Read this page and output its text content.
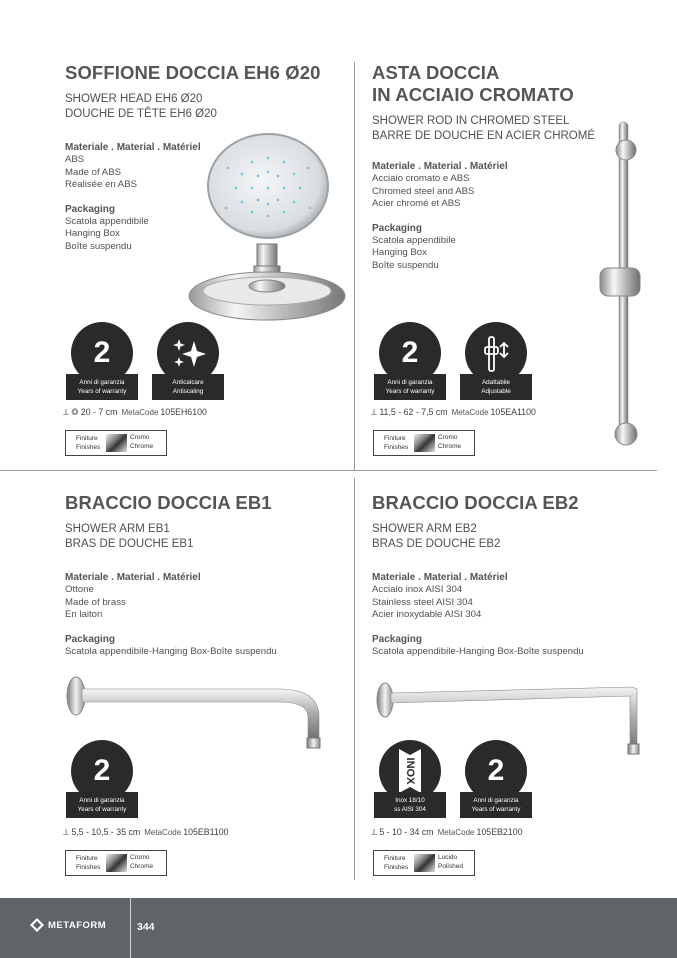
SOFFIONE DOCCIA EH6 Ø20
SHOWER HEAD EH6 Ø20
DOUCHE DE TÊTE EH6 Ø20
Materiale . Material . Matériel
ABS
Made of ABS
Réalisée en ABS
Packaging
Scatola appendibile
Hanging Box
Boîte suspendu
2
Anni di garanzia
Years of warranty
Anticalcare
Antiscaling
⟂ ◎ 20 - 7 cm MetaCode 105EH6100
Finiture
Finishes
Cromo
Chrome
ASTA DOCCIA
IN ACCIAIO CROMATO
SHOWER ROD IN CHROMED STEEL
BARRE DE DOUCHE EN ACIER CHROMÉ
Materiale . Material . Matériel
Acciaio cromato e ABS
Chromed steel and ABS
Acier chromé et ABS
Packaging
Scatola appendibile
Hanging Box
Boîte suspendu
2
Anni di garanzia
Years of warranty
Adattabile
Adjustable
⟂ 11,5 - 62 - 7,5 cm MetaCode 105EA1100
Finiture
Finishes
Cromo
Chrome
BRACCIO DOCCIA EB1
SHOWER ARM EB1
BRAS DE DOUCHE EB1
Materiale . Material . Matériel
Ottone
Made of brass
En laiton
Packaging
Scatola appendibile-Hanging Box-Boîte suspendu
2
Anni di garanzia
Years of warranty
⟂ 5,5 - 10,5 - 35 cm MetaCode 105EB1100
Finiture
Finishes
Cromo
Chrome
BRACCIO DOCCIA EB2
SHOWER ARM EB2
BRAS DE DOUCHE EB2
Materiale . Material . Matériel
Acciaio inox AISI 304
Stainless steel AISI 304
Acier inoxydable AISI 304
Packaging
Scatola appendibile-Hanging Box-Boîte suspendu
INOX
Inox 18/10
ss AISI 304
2
Anni di garanzia
Years of warranty
⟂ 5 - 10 - 34 cm MetaCode 105EB2100
Finiture
Finishes
Lucido
Polished
METAFORM	344
